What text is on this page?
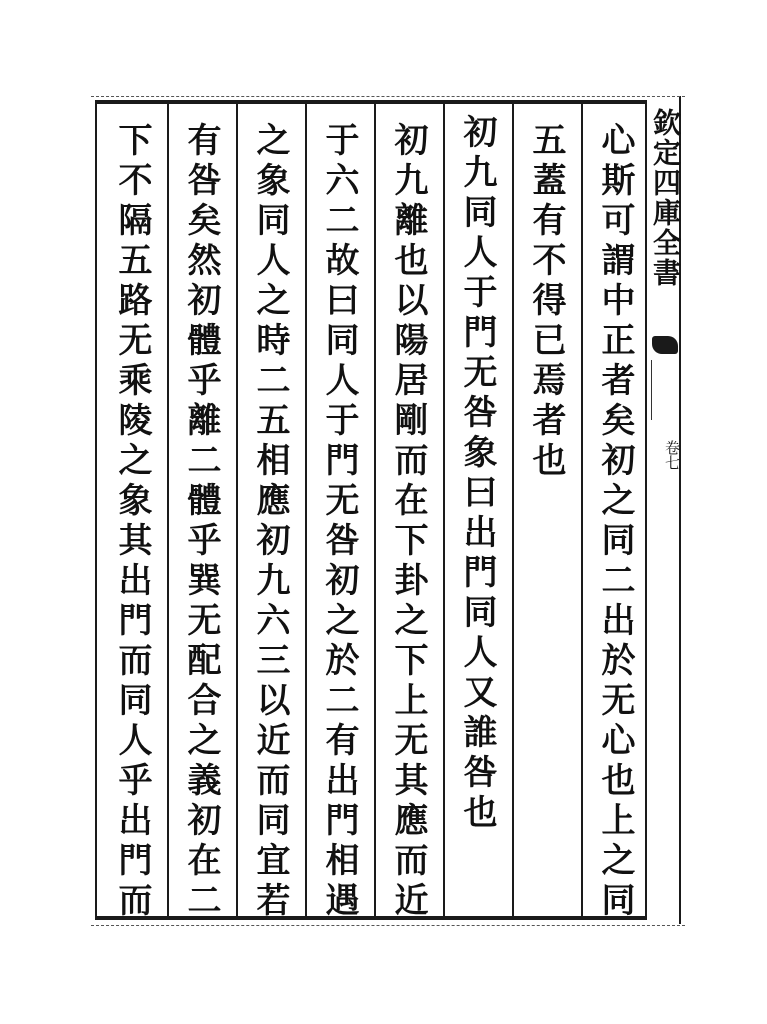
欽定四庫全書
卷七
心斯可謂中正者矣初之同二出於无心也上之同
五蓋有不得已焉者也
初九同人于門无咎象曰出門同人又誰咎也
初九離也以陽居剛而在下卦之下上无其應而近
于六二故曰同人于門无咎初之於二有出門相遇
之象同人之時二五相應初九六三以近而同宜若
有咎矣然初體乎離二體乎巽无配合之義初在二
下不隔五路无乘陵之象其出門而同人乎出門而
